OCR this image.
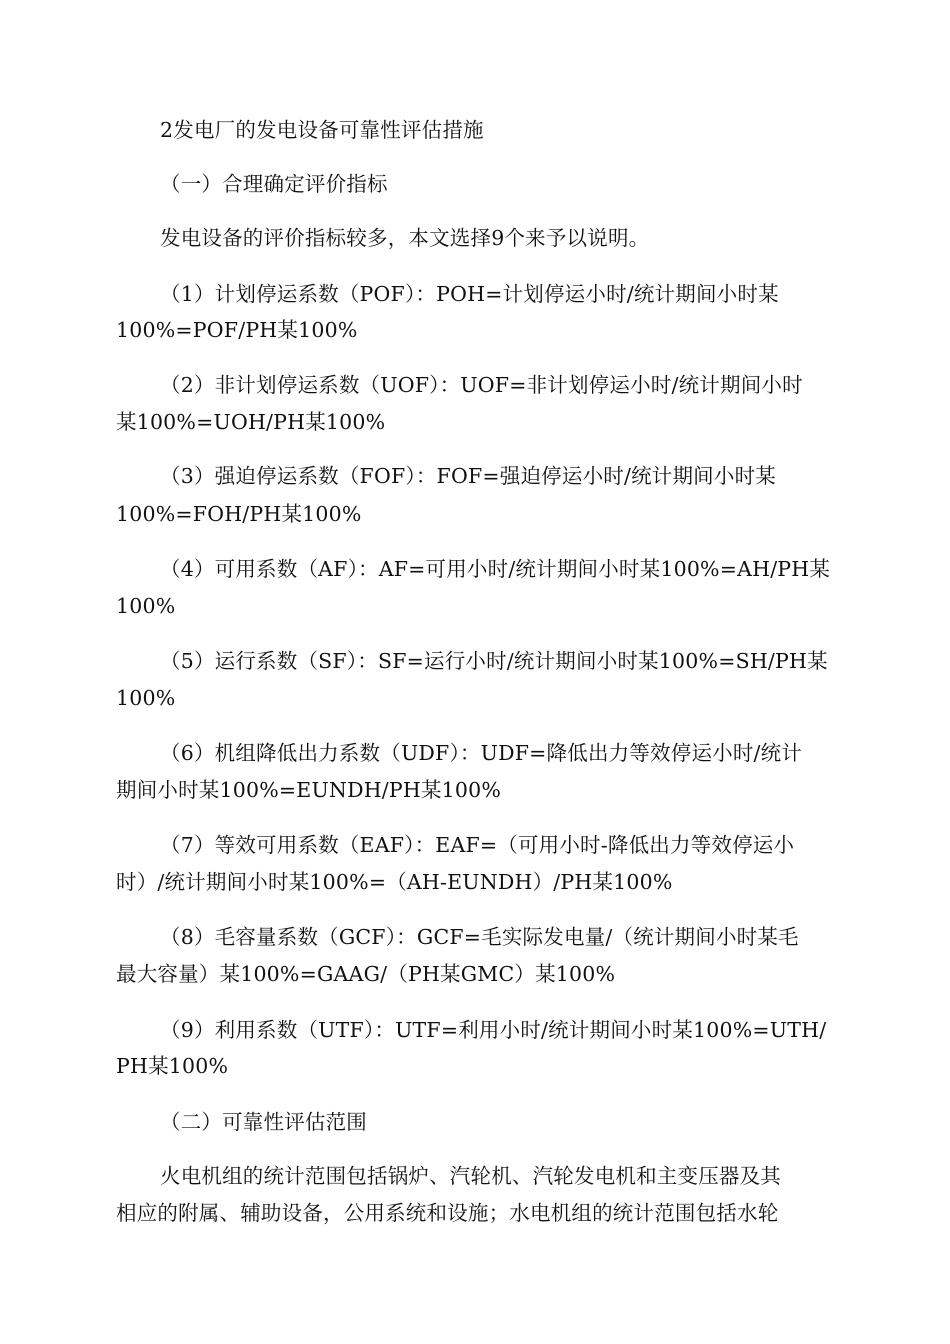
2发电厂的发电设备可靠性评估措施
（一）合理确定评价指标
发电设备的评价指标较多，本文选择9个来予以说明。
（1）计划停运系数（POF）：POH=计划停运小时/统计期间小时某
100%=POF/PH某100%
（2）非计划停运系数（UOF）：UOF=非计划停运小时/统计期间小时
某100%=UOH/PH某100%
（3）强迫停运系数（FOF）：FOF=强迫停运小时/统计期间小时某
100%=FOH/PH某100%
（4）可用系数（AF）：AF=可用小时/统计期间小时某100%=AH/PH某
100%
（5）运行系数（SF）：SF=运行小时/统计期间小时某100%=SH/PH某
100%
（6）机组降低出力系数（UDF）：UDF=降低出力等效停运小时/统计
期间小时某100%=EUNDH/PH某100%
（7）等效可用系数（EAF）：EAF=（可用小时-降低出力等效停运小
时）/统计期间小时某100%=（AH-EUNDH）/PH某100%
（8）毛容量系数（GCF）：GCF=毛实际发电量/（统计期间小时某毛
最大容量）某100%=GAAG/（PH某GMC）某100%
（9）利用系数（UTF）：UTF=利用小时/统计期间小时某100%=UTH/
PH某100%
（二）可靠性评估范围
火电机组的统计范围包括锅炉、汽轮机、汽轮发电机和主变压器及其
相应的附属、辅助设备，公用系统和设施；水电机组的统计范围包括水轮
